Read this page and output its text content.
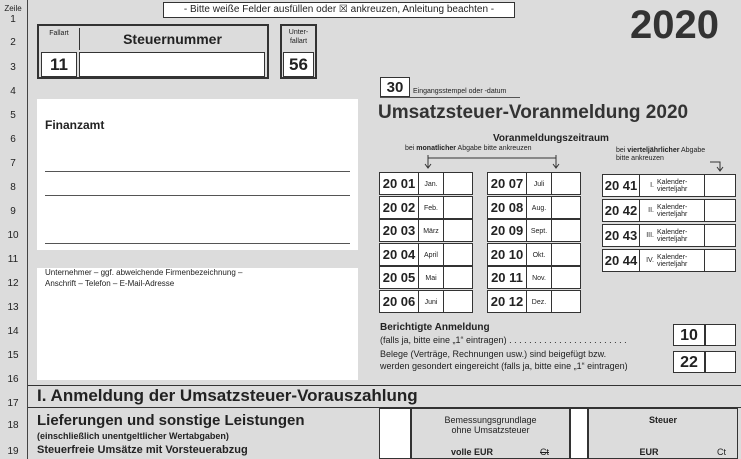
Zeile
1
2
3
4
5
6
7
8
9
10
11
12
13
14
15
16
17
18
19
- Bitte weiße Felder ausfüllen oder ☒ ankreuzen, Anleitung beachten -	2020
Fallart
11
Steuernummer	Unter-
fallart
56
30	Eingangsstempel oder -datum
Umsatzsteuer-Voranmeldung 2020
Finanzamt
Unternehmer – ggf. abweichende Firmenbezeichnung –
Anschrift – Telefon – E-Mail-Adresse
Voranmeldungszeitraum
bei monatlicher Abgabe bitte ankreuzen	bei vierteljährlicher Abgabe
bitte ankreuzen
20 01	Jan.
20 02	Feb.
20 03	März
20 04	April
20 05	Mai
20 06	Juni
20 07	Juli
20 08	Aug.
20 09	Sept.
20 10	Okt.
20 11	Nov.
20 12	Dez.
20 41	I. Kalender-
vierteljahr
20 42	II. Kalender-
vierteljahr
20 43	III. Kalender-
vierteljahr
20 44	IV. Kalender-
vierteljahr
Berichtigte Anmeldung
(falls ja, bitte eine „1“ eintragen) . . . . . . . . . . . . . . . . . . . . . . . .	10
Belege (Verträge, Rechnungen usw.) sind beigefügt bzw.
werden gesondert eingereicht (falls ja, bitte eine „1“ eintragen)	22
I. Anmeldung der Umsatzsteuer-Vorauszahlung
Lieferungen und sonstige Leistungen
(einschließlich unentgeltlicher Wertabgaben)
Steuerfreie Umsätze mit Vorsteuerabzug
Bemessungsgrundlage
ohne Umsatzsteuer
volle EUR	Ct
Steuer
EUR	Ct
